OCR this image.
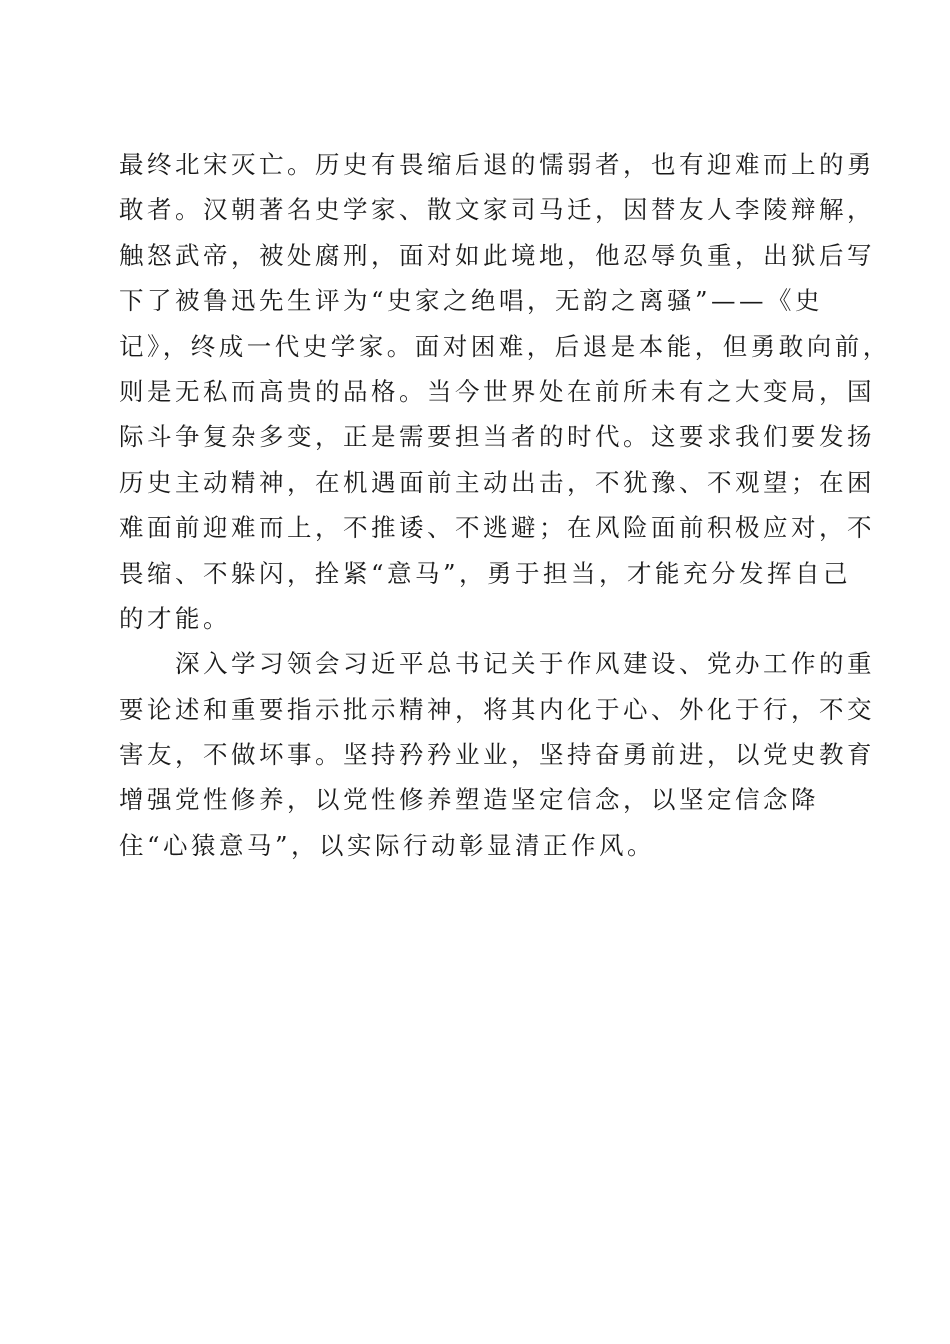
最终北宋灭亡。历史有畏缩后退的懦弱者，也有迎难而上的勇
敢者。汉朝著名史学家、散文家司马迁，因替友人李陵辩解，
触怒武帝，被处腐刑，面对如此境地，他忍辱负重，出狱后写
下了被鲁迅先生评为“史家之绝唱，无韵之离骚”——《史
记》，终成一代史学家。面对困难，后退是本能，但勇敢向前，
则是无私而高贵的品格。当今世界处在前所未有之大变局，国
际斗争复杂多变，正是需要担当者的时代。这要求我们要发扬
历史主动精神，在机遇面前主动出击，不犹豫、不观望；在困
难面前迎难而上，不推诿、不逃避；在风险面前积极应对，不
畏缩、不躲闪，拴紧“意马”，勇于担当，才能充分发挥自己
的才能。
深入学习领会习近平总书记关于作风建设、党办工作的重
要论述和重要指示批示精神，将其内化于心、外化于行，不交
害友，不做坏事。坚持矜矜业业，坚持奋勇前进，以党史教育
增强党性修养，以党性修养塑造坚定信念，以坚定信念降
住“心猿意马”，以实际行动彰显清正作风。
